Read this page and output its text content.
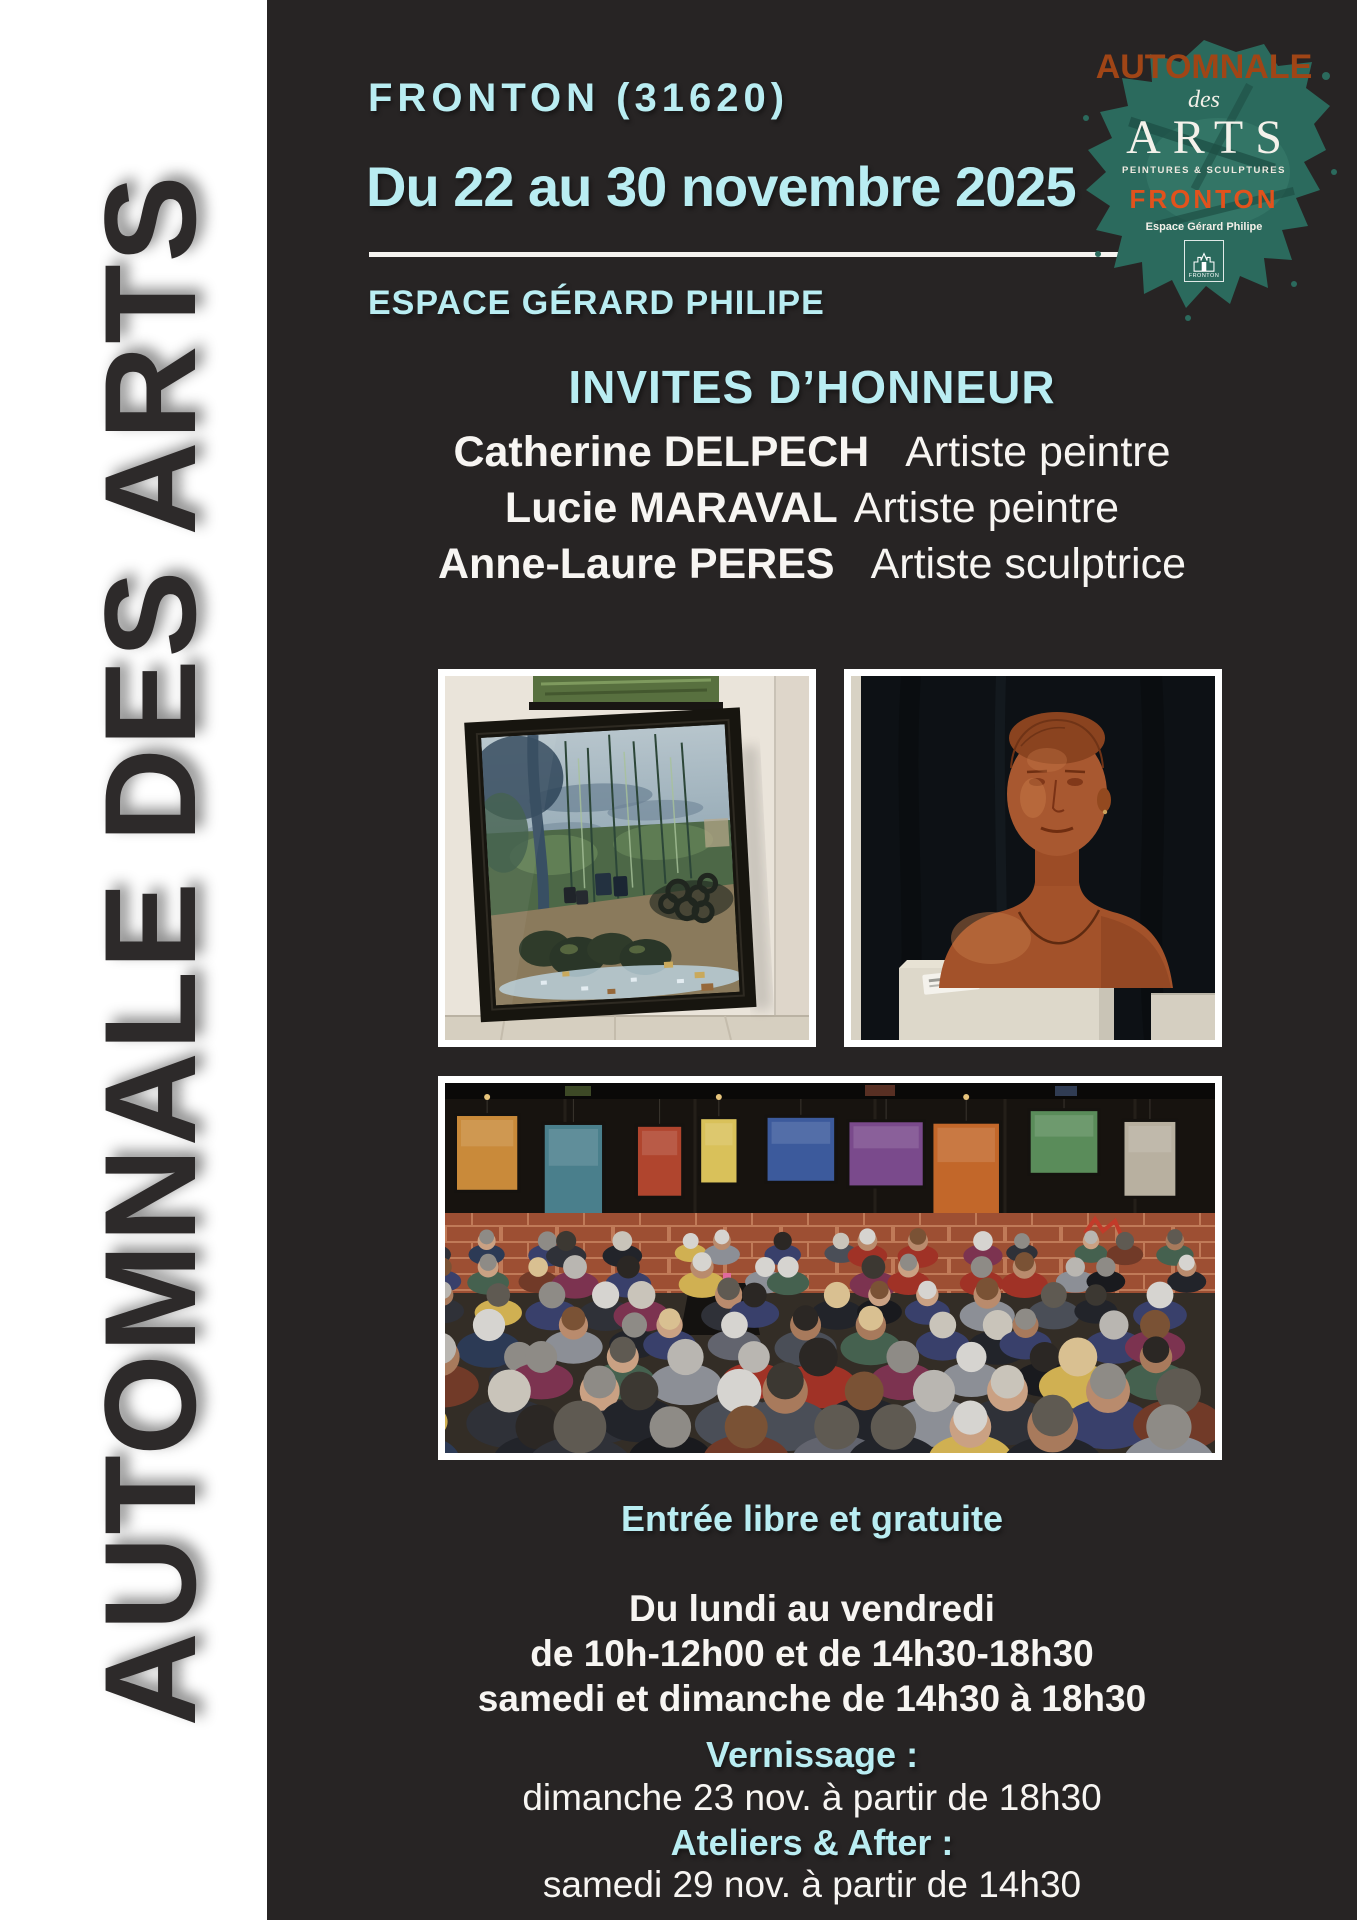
AUTOMNALE DES ARTS
FRONTON (31620)
Du 22 au 30 novembre 2025
ESPACE GÉRARD PHILIPE
AUTOMNALE
des
ARTS
PEINTURES & SCULPTURES
FRONTON
Espace Gérard Philipe
FRONTON
INVITES D’HONNEUR
Catherine DELPECH Artiste peintre
Lucie MARAVAL Artiste peintre
Anne-Laure PERES Artiste sculptrice
Entrée libre et gratuite
Du lundi au vendredi
de 10h-12h00 et de 14h30-18h30
samedi et dimanche de 14h30 à 18h30
Vernissage :
dimanche 23 nov. à partir de 18h30
Ateliers & After :
samedi 29 nov. à partir de 14h30
